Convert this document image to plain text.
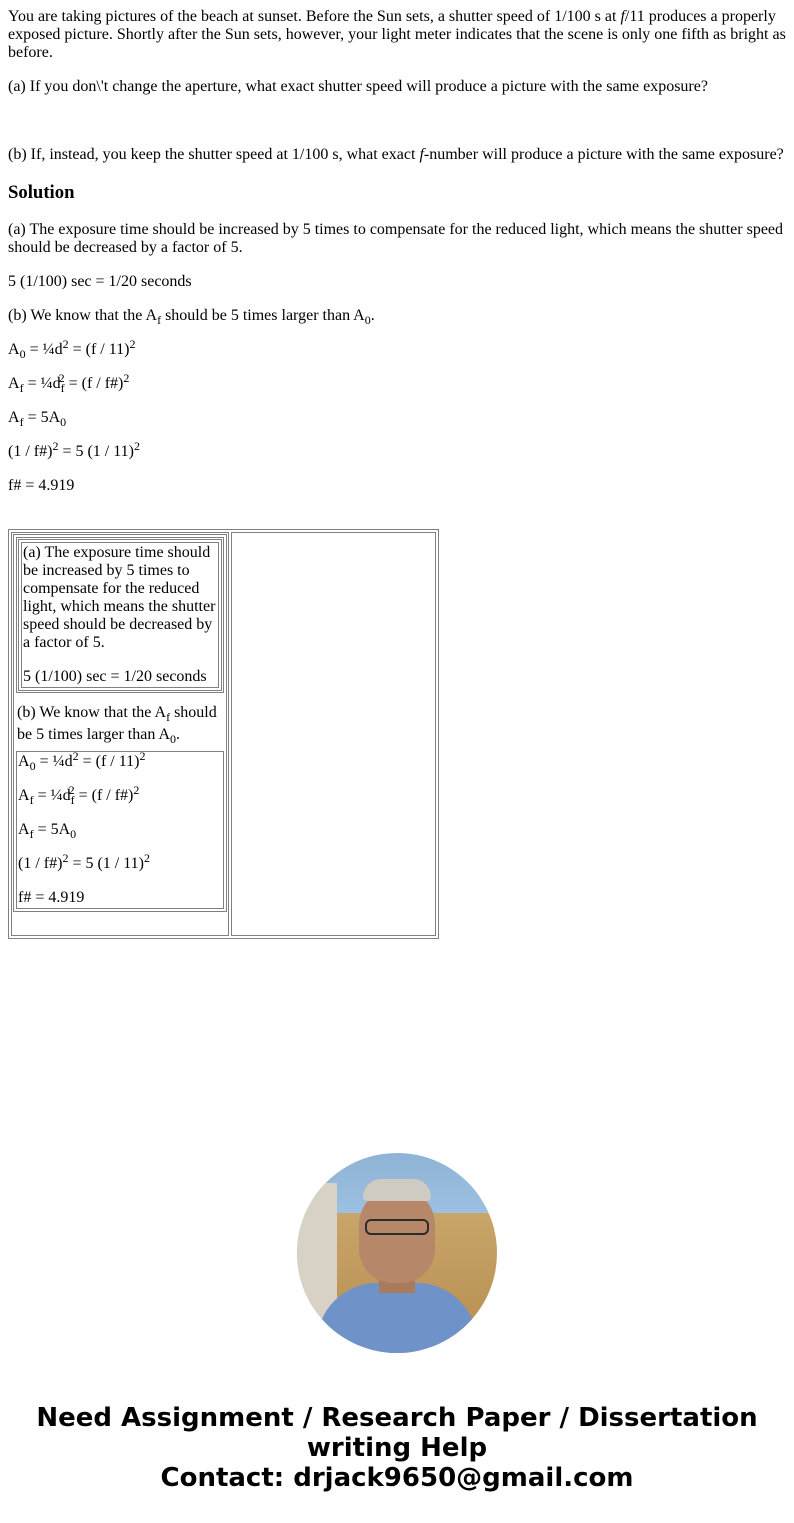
You are taking pictures of the beach at sunset. Before the Sun sets, a shutter speed of 1/100 s at f/11 produces a properly exposed picture. Shortly after the Sun sets, however, your light meter indicates that the scene is only one fifth as bright as before.

(a) If you don\'t change the aperture, what exact shutter speed will produce a picture with the same exposure?

(b) If, instead, you keep the shutter speed at 1/100 s, what exact f-number will produce a picture with the same exposure?

Solution

(a) The exposure time should be increased by 5 times to compensate for the reduced light, which means the shutter speed should be decreased by a factor of 5.

5 (1/100) sec = 1/20 seconds

(b) We know that the $A_f$ should be 5 times larger than $A_0$.

$A_0$ = $\frac{1}{4}d^2 = (f / 11)^2$

$A_f$ = $\frac{1}{4}d_f^2 = (f$ / f#)$^2$

$A_f = 5A_0$

(1 / f#)$^2$ = 5 (1 / 11)$^2$

f# = 4.919

(a) The exposure time should be increased by 5 times to compensate for the reduced light, which means the shutter speed should be decreased by a factor of 5.

5 (1/100) sec = 1/20 seconds

(b) We know that the $A_f$ should be 5 times larger than $A_0$.

$A_0$ = $\frac{1}{4}d^2 = (f / 11)^2$

$A_f$ = $\frac{1}{4}d_f^2 = (f$ / f#)$^2$

$A_f = 5A_0$

(1 / f#)$^2$ = 5 (1 / 11)$^2$

f# = 4.919

Need Assignment / Research Paper / Dissertation
writing Help
Contact: drjack9650@gmail.com
